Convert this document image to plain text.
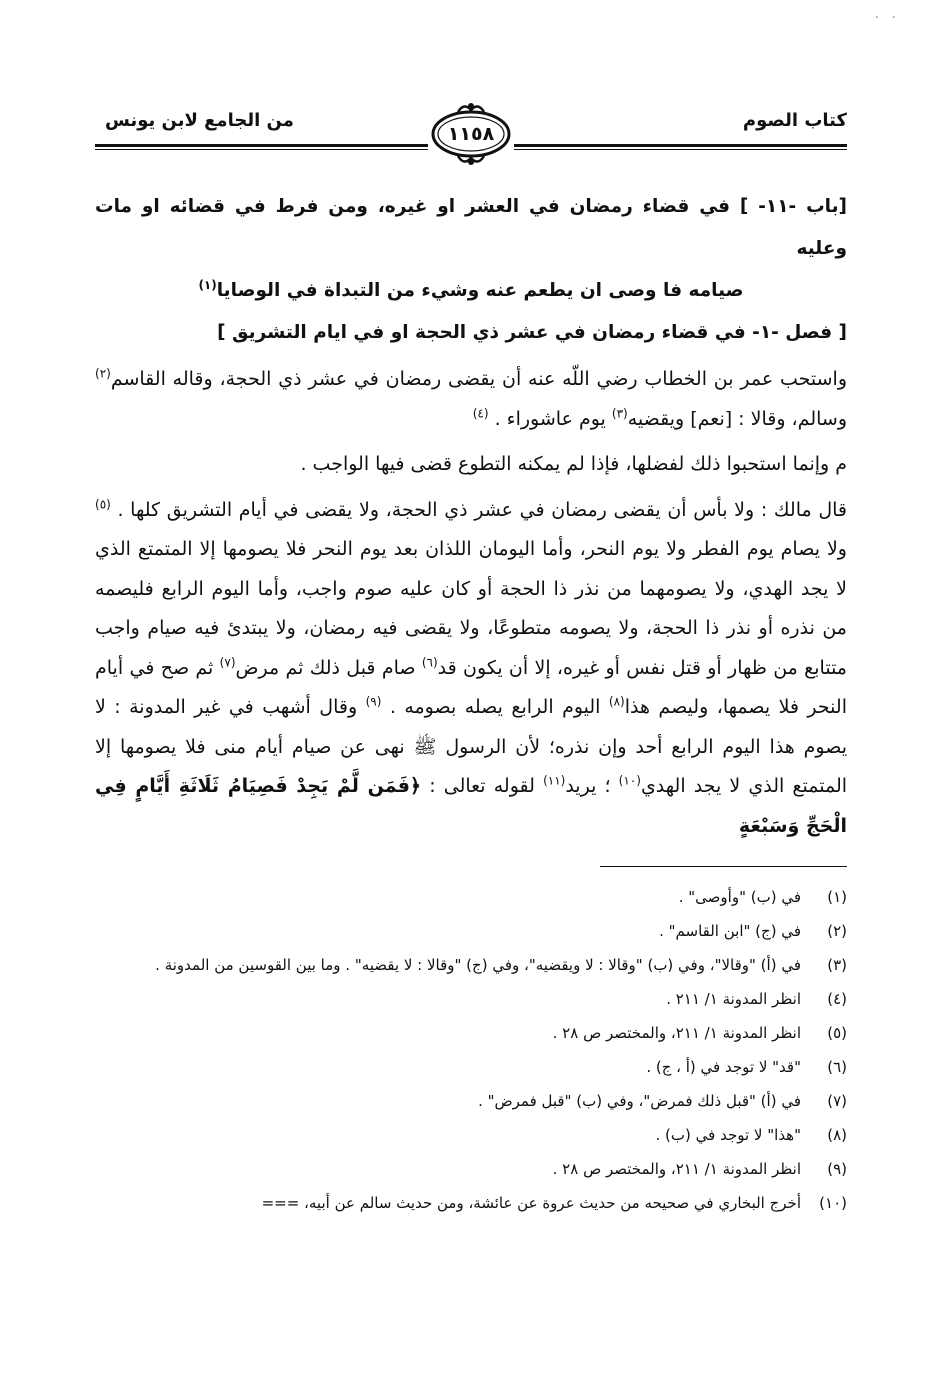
· ·
كتاب الصوم
من الجامع لابن يونس
١١٥٨

[باب -١١- ] في قضاء رمضان في العشر او غيره، ومن فرط في قضائه او مات وعليه

صيامه فا وصى ان يطعم عنه وشيء من التبداة في الوصايا$^{(١)}$

[ فصل -١- في قضاء رمضان في عشر ذي الحجة او في ايام التشريق ]

واستحب عمر بن الخطاب رضي اللّه عنه أن يقضى رمضان في عشر ذي الحجة، وقاله القاسم$^{(٢)}$ وسالم، وقالا : [نعم] ويقضيه$^{(٣)}$ يوم عاشوراء . $^{(٤)}$

م وإنما استحبوا ذلك لفضلها، فإذا لم يمكنه التطوع قضى فيها الواجب .

قال مالك : ولا بأس أن يقضى رمضان في عشر ذي الحجة، ولا يقضى في أيام التشريق كلها . $^{(٥)}$ ولا يصام يوم الفطر ولا يوم النحر، وأما اليومان اللذان بعد يوم النحر فلا يصومها إلا المتمتع الذي لا يجد الهدي، ولا يصومهما من نذر ذا الحجة أو كان عليه صوم واجب، وأما اليوم الرابع فليصمه من نذره أو نذر ذا الحجة، ولا يصومه متطوعًا، ولا يقضى فيه رمضان، ولا يبتدئ فيه صيام واجب متتابع من ظهار أو قتل نفس أو غيره، إلا أن يكون قد$^{(٦)}$ صام قبل ذلك ثم مرض$^{(٧)}$ ثم صح في أيام النحر فلا يصمها، وليصم هذا$^{(٨)}$ اليوم الرابع يصله بصومه . $^{(٩)}$ وقال أشهب في غير المدونة : لا يصوم هذا اليوم الرابع أحد وإن نذره؛ لأن الرسول ﷺ نهى عن صيام أيام منى فلا يصومها إلا المتمتع الذي لا يجد الهدي$^{(١٠)}$ ؛ يريد$^{(١١)}$ لقوله تعالى : ﴿فَمَن لَّمْ يَجِدْ فَصِيَامُ ثَلَاثَةِ أَيَّامٍ فِي الْحَجِّ وَسَبْعَةٍ

(١)
في (ب) "وأوصى" .
(٢)
في (ج) "ابن القاسم" .
(٣)
في (أ) "وقالا"، وفي (ب) "وقالا : لا ويقضيه"، وفي (ج) "وقالا : لا يقضيه" . وما بين القوسين من المدونة .
(٤)
انظر المدونة ١/ ٢١١ .
(٥)
انظر المدونة ١/ ٢١١، والمختصر ص ٢٨ .
(٦)
"قد" لا توجد في (أ ، ج) .
(٧)
في (أ) "قبل ذلك فمرض"، وفي (ب) "قبل فمرض" .
(٨)
"هذا" لا توجد في (ب) .
(٩)
انظر المدونة ١/ ٢١١، والمختصر ص ٢٨ .
(١٠)
أخرج البخاري في صحيحه من حديث عروة عن عائشة، ومن حديث سالم عن أبيه، ===
